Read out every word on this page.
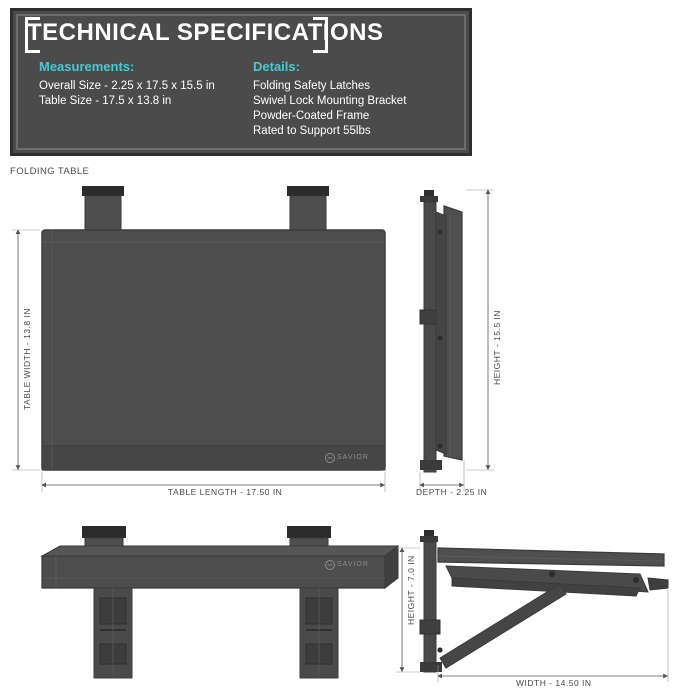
TECHNICAL SPECIFICATIONS
Measurements:
Overall Size - 2.25 x 17.5 x 15.5 in
Table Size - 17.5 x 13.8 in
Details:
Folding Safety Latches
Swivel Lock Mounting Bracket
Powder-Coated Frame
Rated to Support 55lbs
FOLDING TABLE
TABLE WIDTH - 13.8 IN
TABLE LENGTH - 17.50 IN
HEIGHT - 15.5 IN
DEPTH - 2.25 IN
HEIGHT - 7.0 IN
WIDTH - 14.50 IN
SAVIOR
SAVIOR
